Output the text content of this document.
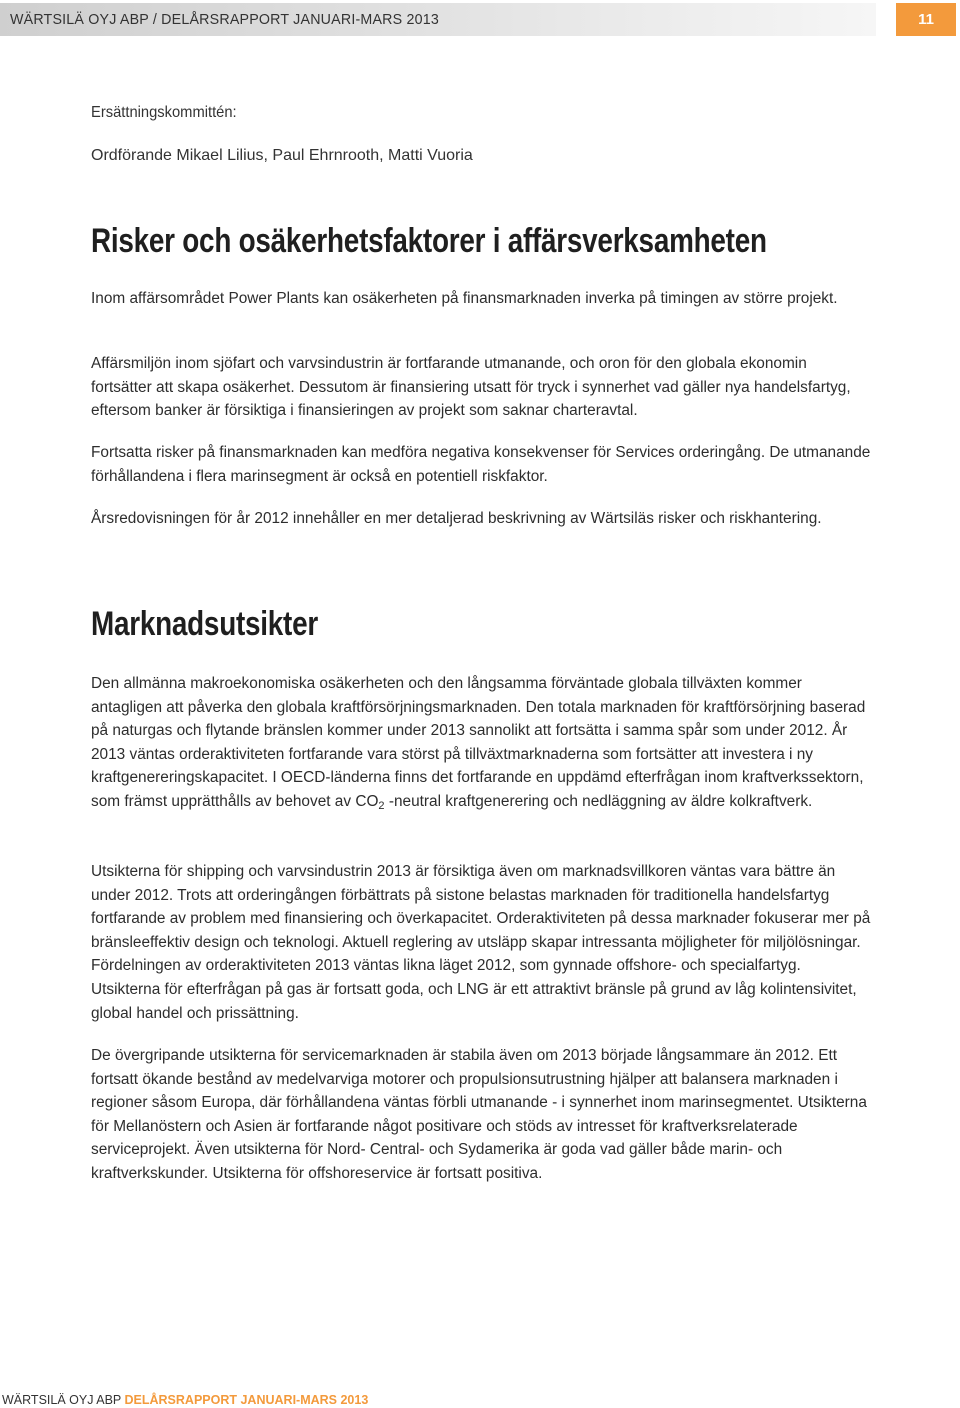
WÄRTSILÄ OYJ ABP / DELÅRSRAPPORT JANUARI-MARS 2013	11
Ersättningskommittén:
Ordförande Mikael Lilius, Paul Ehrnrooth, Matti Vuoria
Risker och osäkerhetsfaktorer i affärsverksamheten

Inom affärsområdet Power Plants kan osäkerheten på finansmarknaden inverka på timingen av större projekt.

Affärsmiljön inom sjöfart och varvsindustrin är fortfarande utmanande, och oron för den globala ekonomin fortsätter att skapa osäkerhet. Dessutom är finansiering utsatt för tryck i synnerhet vad gäller nya handelsfartyg, eftersom banker är försiktiga i finansieringen av projekt som saknar charteravtal.

Fortsatta risker på finansmarknaden kan medföra negativa konsekvenser för Services orderingång. De utmanande förhållandena i flera marinsegment är också en potentiell riskfaktor.

Årsredovisningen för år 2012 innehåller en mer detaljerad beskrivning av Wärtsiläs risker och riskhantering.

Marknadsutsikter

Den allmänna makroekonomiska osäkerheten och den långsamma förväntade globala tillväxten kommer antagligen att påverka den globala kraftförsörjningsmarknaden. Den totala marknaden för kraftförsörjning baserad på naturgas och flytande bränslen kommer under 2013 sannolikt att fortsätta i samma spår som under 2012. År 2013 väntas orderaktiviteten fortfarande vara störst på tillväxtmarknaderna som fortsätter att investera i ny kraftgenereringskapacitet. I OECD-länderna finns det fortfarande en uppdämd efterfrågan inom kraftverkssektorn, som främst upprätthålls av behovet av $CO_2$ -neutral kraftgenerering och nedläggning av äldre kolkraftverk.

Utsikterna för shipping och varvsindustrin 2013 är försiktiga även om marknadsvillkoren väntas vara bättre än under 2012. Trots att orderingången förbättrats på sistone belastas marknaden för traditionella handelsfartyg fortfarande av problem med finansiering och överkapacitet. Orderaktiviteten på dessa marknader fokuserar mer på bränsleeffektiv design och teknologi. Aktuell reglering av utsläpp skapar intressanta möjligheter för miljölösningar. Fördelningen av orderaktiviteten 2013 väntas likna läget 2012, som gynnade offshore- och specialfartyg. Utsikterna för efterfrågan på gas är fortsatt goda, och LNG är ett attraktivt bränsle på grund av låg kolintensivitet, global handel och prissättning.

De övergripande utsikterna för servicemarknaden är stabila även om 2013 började långsammare än 2012. Ett fortsatt ökande bestånd av medelvarviga motorer och propulsionsutrustning hjälper att balansera marknaden i regioner såsom Europa, där förhållandena väntas förbli utmanande - i synnerhet inom marinsegmentet. Utsikterna för Mellanöstern och Asien är fortfarande något positivare och stöds av intresset för kraftverksrelaterade serviceprojekt. Även utsikterna för Nord- Central- och Sydamerika är goda vad gäller både marin- och kraftverkskunder. Utsikterna för offshoreservice är fortsatt positiva.

WÄRTSILÄ OYJ ABP DELÅRSRAPPORT JANUARI-MARS 2013
